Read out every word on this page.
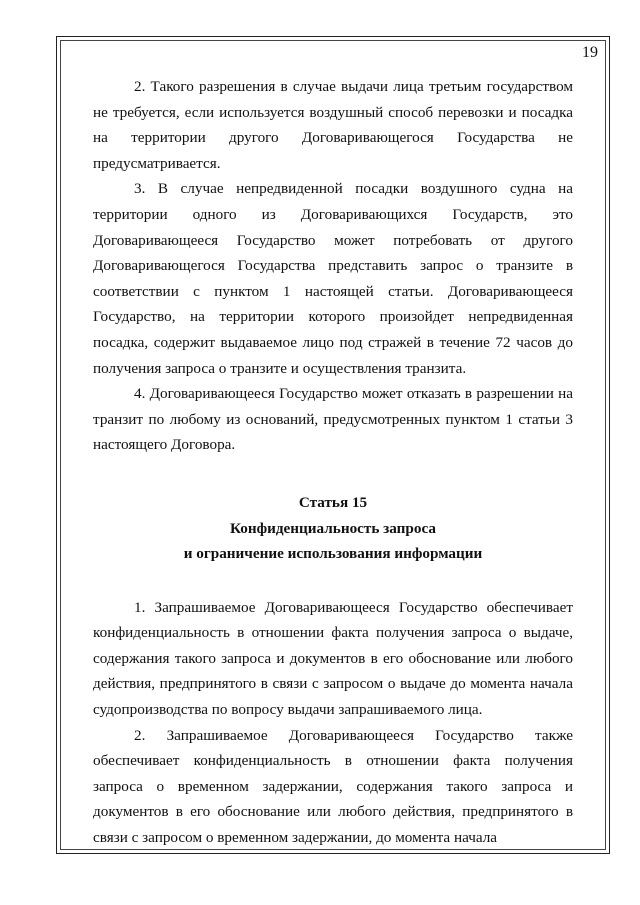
19

2. Такого разрешения в случае выдачи лица третьим государством не требуется, если используется воздушный способ перевозки и посадка на территории другого Договаривающегося Государства не предусматривается.

3. В случае непредвиденной посадки воздушного судна на территории одного из Договаривающихся Государств, это Договаривающееся Государство может потребовать от другого Договаривающегося Государства представить запрос о транзите в соответствии с пунктом 1 настоящей статьи. Договаривающееся Государство, на территории которого произойдет непредвиденная посадка, содержит выдаваемое лицо под стражей в течение 72 часов до получения запроса о транзите и осуществления транзита.

4. Договаривающееся Государство может отказать в разрешении на транзит по любому из оснований, предусмотренных пунктом 1 статьи 3 настоящего Договора.

Статья 15

Конфиденциальность запроса

и ограничение использования информации

1. Запрашиваемое Договаривающееся Государство обеспечивает конфиденциальность в отношении факта получения запроса о выдаче, содержания такого запроса и документов в его обоснование или любого действия, предпринятого в связи с запросом о выдаче до момента начала судопроизводства по вопросу выдачи запрашиваемого лица.

2. Запрашиваемое Договаривающееся Государство также обеспечивает конфиденциальность в отношении факта получения запроса о временном задержании, содержания такого запроса и документов в его обоснование или любого действия, предпринятого в связи с запросом о временном задержании, до момента начала
